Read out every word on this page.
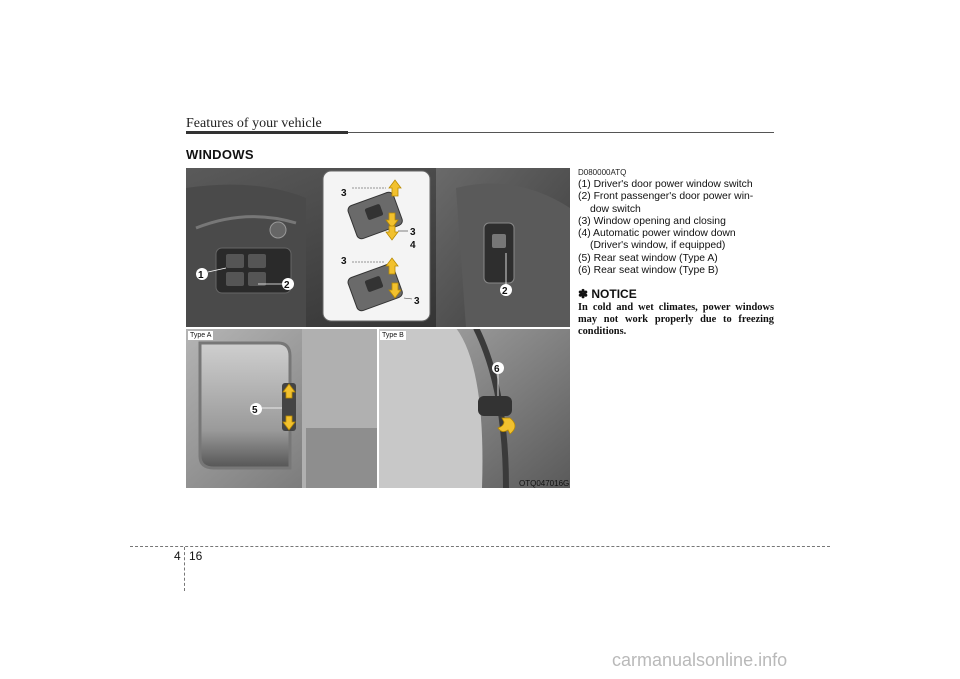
Features of your vehicle
WINDOWS
3
3
4
3
3
1
2
2
5
6
Type A	Type B
OTQ047016G
D080000ATQ
(1) Driver's door power window switch
(2) Front passenger's door power win- dow switch
(3) Window opening and closing
(4) Automatic power window down (Driver's window, if equipped)
(5) Rear seat window (Type A)
(6) Rear seat window (Type B)
✽ NOTICE
In cold and wet climates, power windows may not work properly due to freezing conditions.
4 16
carmanualsonline.info
